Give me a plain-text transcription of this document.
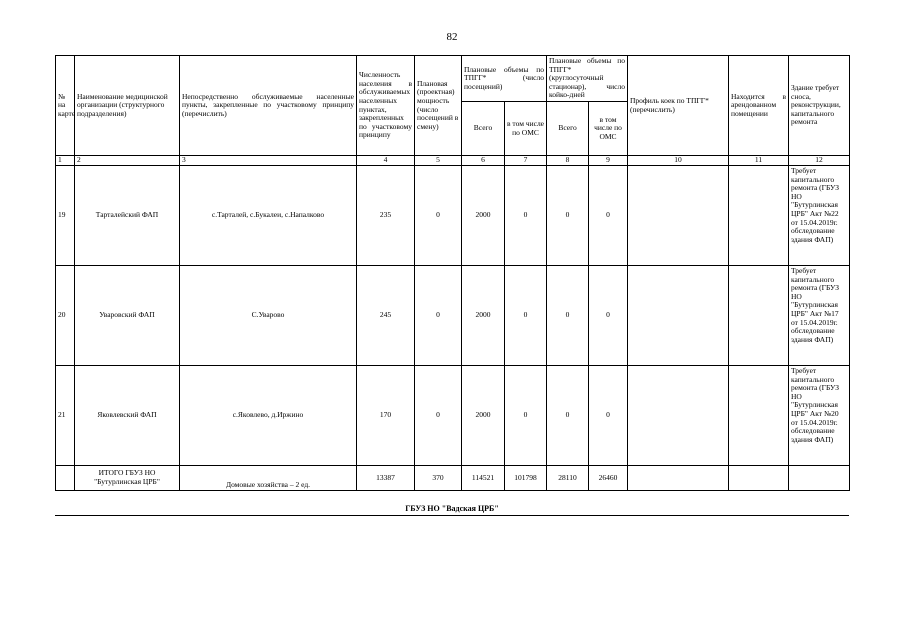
82
№ на карте	Наименование медицинской организации (структурного подразделения)	Непосредственно обслуживаемые населенные пункты, закрепленные по участковому принципу (перечислить)	Численность населения в обслуживаемых населенных пунктах, закрепленных по участковому принципу	Плановая (проектная) мощность (число посещений в смену)	Плановые объемы по ТПГГ* (число посещений)		Плановые объемы по ТПГГ* (круглосуточный стационар), число койко-дней		Профиль коек по ТПГГ* (перечислить)	Находится в арендованном помещении	Здание требует сноса, реконструкции, капитального ремонта
					Всего	в том числе по ОМС	Всего	в том числе по ОМС			
1	2	3	4	5	6	7	8	9	10	11	12
19	Тарталейский ФАП	с.Тарталей, с.Букалеи, с.Напалково	235	0	2000	0	0	0			Требует капитального ремонта (ГБУЗ НО "Бутурлинская ЦРБ" Акт №22 от 15.04.2019г. обследование здания ФАП)
20	Уваровский ФАП	С.Уварово	245	0	2000	0	0	0			Требует капитального ремонта (ГБУЗ НО "Бутурлинская ЦРБ" Акт №17 от 15.04.2019г. обследование здания ФАП)
21	Яковлевский ФАП	с.Яковлево, д.Иржино	170	0	2000	0	0	0			Требует капитального ремонта (ГБУЗ НО "Бутурлинская ЦРБ" Акт №20 от 15.04.2019г. обследование здания ФАП)
	ИТОГО ГБУЗ НО "Бутурлинская ЦРБ"	Домовые хозяйства – 2 ед.	13387	370	114521	101798	28110	26460			
ГБУЗ НО "Вадская ЦРБ"
